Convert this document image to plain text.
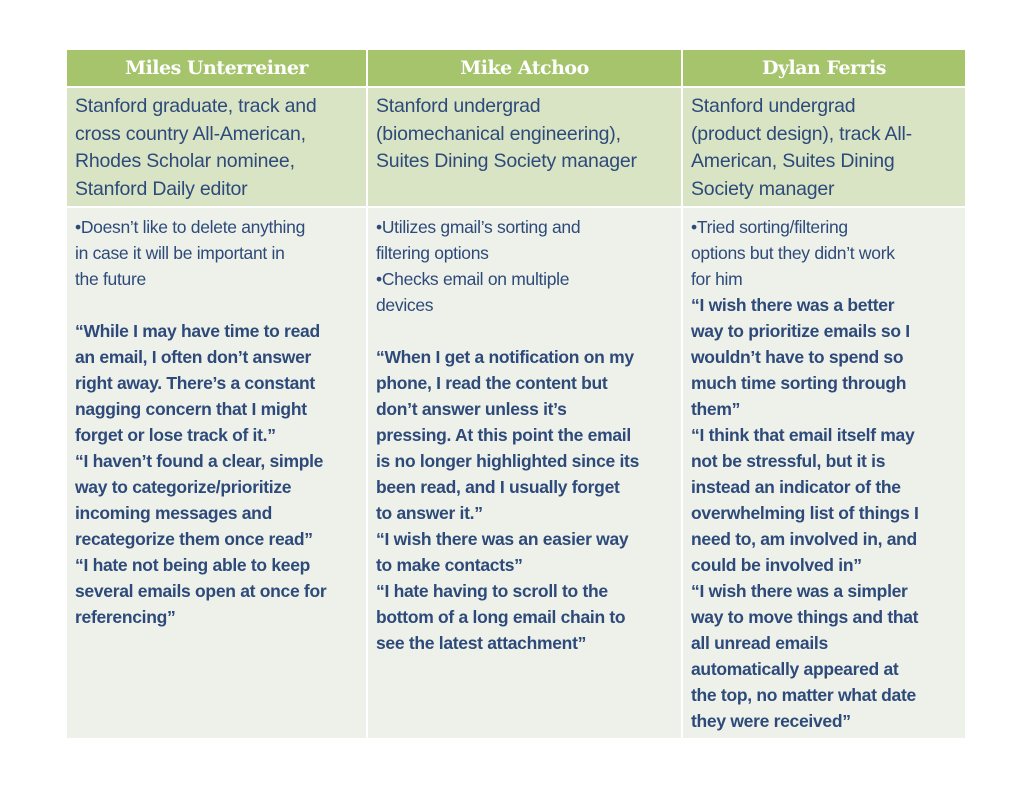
Miles Unterreiner	Mike Atchoo	Dylan Ferris
Stanford graduate, track and
cross country All-American,
Rhodes Scholar nominee,
Stanford Daily editor
Stanford undergrad
(biomechanical engineering),
Suites Dining Society manager
Stanford undergrad
(product design), track All-
American, Suites Dining
Society manager
•Doesn’t like to delete anything
in case it will be important in
the future
“While I may have time to read
an email, I often don’t answer
right away. There’s a constant
nagging concern that I might
forget or lose track of it.”
“I haven’t found a clear, simple
way to categorize/prioritize
incoming messages and
recategorize them once read”
“I hate not being able to keep
several emails open at once for
referencing”
•Utilizes gmail’s sorting and
filtering options
•Checks email on multiple
devices
“When I get a notification on my
phone, I read the content but
don’t answer unless it’s
pressing. At this point the email
is no longer highlighted since its
been read, and I usually forget
to answer it.”
“I wish there was an easier way
to make contacts”
“I hate having to scroll to the
bottom of a long email chain to
see the latest attachment”
•Tried sorting/filtering
options but they didn’t work
for him
“I wish there was a better
way to prioritize emails so I
wouldn’t have to spend so
much time sorting through
them”
“I think that email itself may
not be stressful, but it is
instead an indicator of the
overwhelming list of things I
need to, am involved in, and
could be involved in”
“I wish there was a simpler
way to move things and that
all unread emails
automatically appeared at
the top, no matter what date
they were received”
